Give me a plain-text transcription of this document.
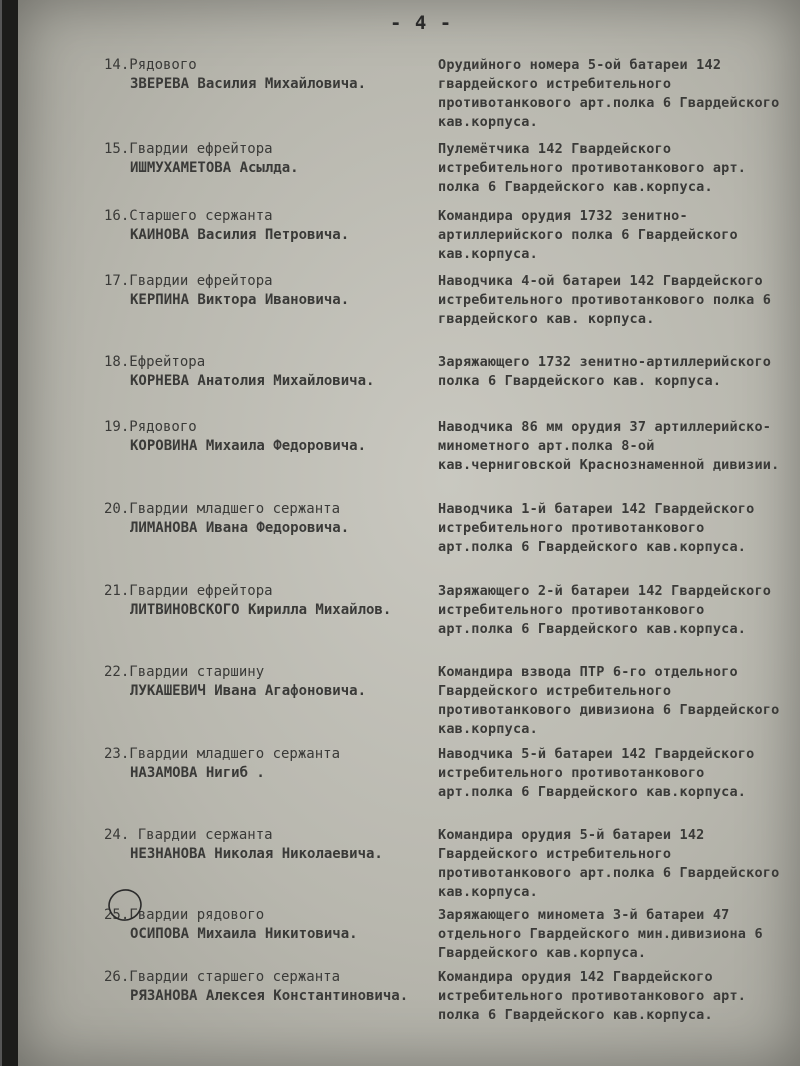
- 4 -
14.Рядового
ЗВЕРЕВА Василия Михайловича.
Орудийного номера 5-ой батареи 142 гвардейского истребительного противотанкового арт.полка 6 Гвардейского кав.корпуса.
15.Гвардии ефрейтора
ИШМУХАМЕТОВА Асылда.
Пулемётчика 142 Гвардейского истребительного противотанкового арт. полка 6 Гвардейского кав.корпуса.
16.Старшего сержанта
КАИНОВА Василия Петровича.
Командира орудия 1732 зенитно-артиллерийского полка 6 Гвардейского кав.корпуса.
17.Гвардии ефрейтора
КЕРПИНА Виктора Ивановича.
Наводчика 4-ой батареи 142 Гвардейского истребительного противотанкового полка 6 гвардейского кав. корпуса.
18.Ефрейтора
КОРНЕВА Анатолия Михайловича.
Заряжающего 1732 зенитно-артиллерийского полка 6 Гвардейского кав. корпуса.
19.Рядового
КОРОВИНА Михаила Федоровича.
Наводчика 86 мм орудия 37 артиллерийско-минометного арт.полка 8-ой кав.черниговской Краснознаменной дивизии.
20.Гвардии младшего сержанта
ЛИМАНОВА Ивана Федоровича.
Наводчика 1-й батареи 142 Гвардейского истребительного противотанкового арт.полка 6 Гвардейского кав.корпуса.
21.Гвардии ефрейтора
ЛИТВИНОВСКОГО Кирилла Михайлов.
Заряжающего 2-й батареи 142 Гвардейского истребительного противотанкового арт.полка 6 Гвардейского кав.корпуса.
22.Гвардии старшину
ЛУКАШЕВИЧ Ивана Агафоновича.
Командира взвода ПТР 6-го отдельного Гвардейского истребительного противотанкового дивизиона 6 Гвардейского кав.корпуса.
23.Гвардии младшего сержанта
НАЗАМОВА Нигиб .
Наводчика 5-й батареи 142 Гвардейского истребительного противотанкового арт.полка 6 Гвардейского кав.корпуса.
24. Гвардии сержанта
НЕЗНАНОВА Николая Николаевича.
Командира орудия 5-й батареи 142 Гвардейского истребительного противотанкового арт.полка 6 Гвардейского кав.корпуса.
25.Гвардии рядового
ОСИПОВА Михаила Никитовича.
Заряжающего миномета 3-й батареи 47 отдельного Гвардейского мин.дивизиона 6 Гвардейского кав.корпуса.
26.Гвардии старшего сержанта
РЯЗАНОВА Алексея Константиновича.
Командира орудия 142 Гвардейского истребительного противотанкового арт. полка 6 Гвардейского кав.корпуса.
